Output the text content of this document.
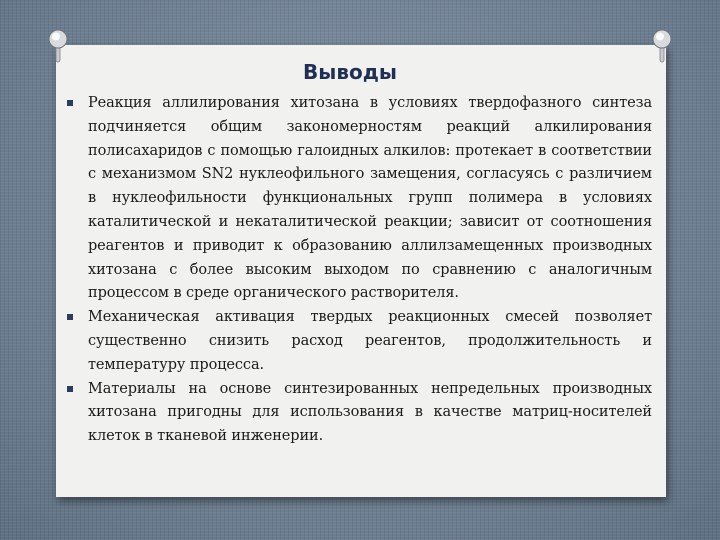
Выводы
Реакция аллилирования хитозана в условиях твердофазного синтеза подчиняется общим закономерностям реакций алкилирования полисахаридов с помощью галоидных алкилов: протекает в соответствии с механизмом SN2 нуклеофильного замещения, согласуясь с различием в нуклеофильности функциональных групп полимера в условиях каталитической и некаталитической реакции; зависит от соотношения реагентов и приводит к образованию аллилзамещенных производных хитозана с более высоким выходом по сравнению с аналогичным процессом в среде органического растворителя.
Механическая активация твердых реакционных смесей позволяет существенно снизить расход реагентов, продолжительность и температуру процесса.
Материалы на основе синтезированных непредельных производных хитозана пригодны для использования в качестве матриц-носителей клеток в тканевой инженерии.
